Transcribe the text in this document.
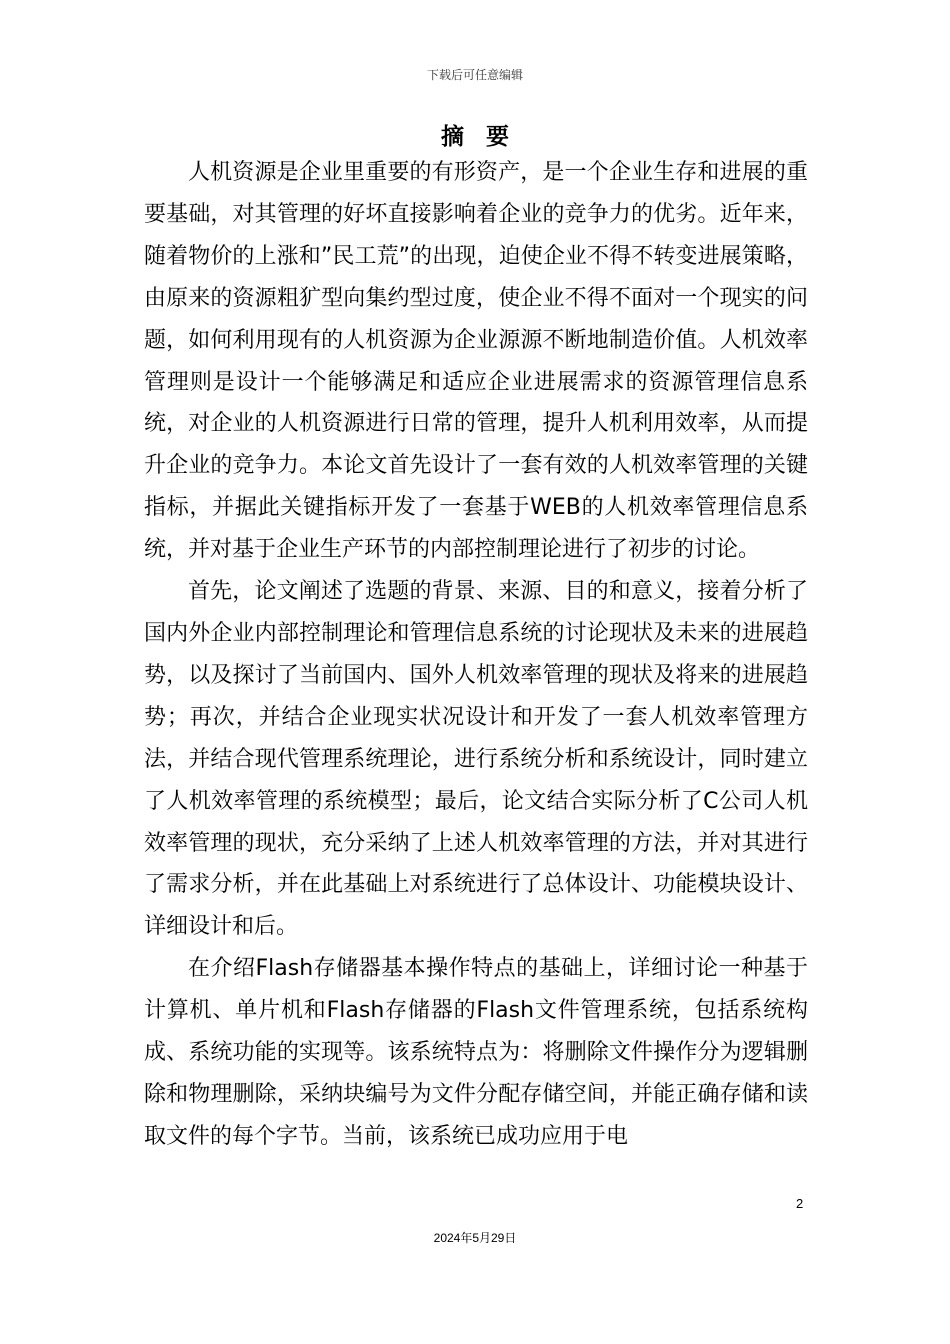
下载后可任意编辑
摘要

人机资源是企业里重要的有形资产，是一个企业生存和进展的重要基础，对其管理的好坏直接影响着企业的竞争力的优劣。近年来，随着物价的上涨和”民工荒”的出现，迫使企业不得不转变进展策略，由原来的资源粗犷型向集约型过度，使企业不得不面对一个现实的问题，如何利用现有的人机资源为企业源源不断地制造价值。人机效率管理则是设计一个能够满足和适应企业进展需求的资源管理信息系统，对企业的人机资源进行日常的管理，提升人机利用效率，从而提升企业的竞争力。本论文首先设计了一套有效的人机效率管理的关键指标，并据此关键指标开发了一套基于WEB的人机效率管理信息系统，并对基于企业生产环节的内部控制理论进行了初步的讨论。

首先，论文阐述了选题的背景、来源、目的和意义，接着分析了国内外企业内部控制理论和管理信息系统的讨论现状及未来的进展趋势，以及探讨了当前国内、国外人机效率管理的现状及将来的进展趋势；再次，并结合企业现实状况设计和开发了一套人机效率管理方法，并结合现代管理系统理论，进行系统分析和系统设计，同时建立了人机效率管理的系统模型；最后，论文结合实际分析了C公司人机效率管理的现状，充分采纳了上述人机效率管理的方法，并对其进行了需求分析，并在此基础上对系统进行了总体设计、功能模块设计、详细设计和后。

在介绍Flash存储器基本操作特点的基础上，详细讨论一种基于计算机、单片机和Flash存储器的Flash文件管理系统，包括系统构成、系统功能的实现等。该系统特点为：将删除文件操作分为逻辑删除和物理删除，采纳块编号为文件分配存储空间，并能正确存储和读取文件的每个字节。当前，该系统已成功应用于电

2
2024年5月29日
